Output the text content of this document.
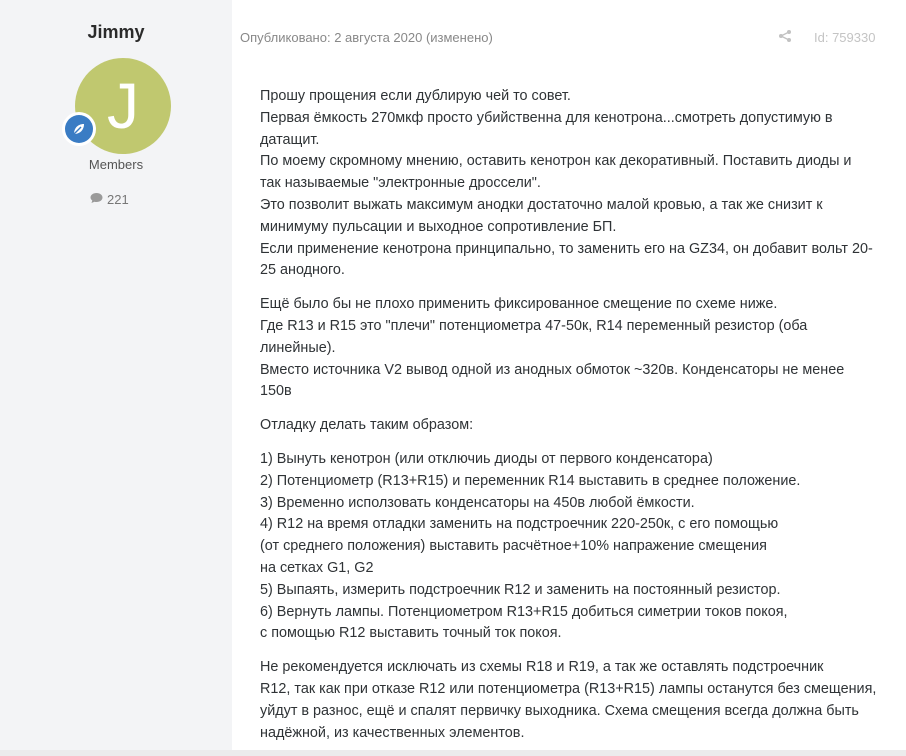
Jimmy
J
Members
221
Опубликовано: 2 августа 2020 (изменено)	Id: 759330

Прошу прощения если дублирую чей то совет.
Первая ёмкость 270мкф просто убийственна для кенотрона...смотреть допустимую в
датащит.
По моему скромному мнению, оставить кенотрон как декоративный. Поставить диоды и
так называемые "электронные дроссели".
Это позволит выжать максимум анодки достаточно малой кровью, а так же снизит к
минимуму пульсации и выходное сопротивление БП.
Если применение кенотрона принципально, то заменить его на GZ34, он добавит вольт 20-
25 анодного.

Ещё было бы не плохо применить фиксированное смещение по схеме ниже.
Где R13 и R15 это "плечи" потенциометра 47-50к, R14 переменный резистор (оба
линейные).
Вместо источника V2 вывод одной из анодных обмоток ~320в. Конденсаторы не менее
150в

Отладку делать таким образом:

1) Вынуть кенотрон (или отключиь диоды от первого конденсатора)
2) Потенциометр (R13+R15) и переменник R14 выставить в среднее положение.
3) Временно исползовать конденсаторы на 450в любой ёмкости.
4) R12 на время отладки заменить на подстроечник 220-250к, с его помощью
(от среднего положения) выставить расчётное+10% напражение смещения
на сетках G1, G2
5) Выпаять, измерить подстроечник R12 и заменить на постоянный резистор.
6) Вернуть лампы. Потенциометром R13+R15 добиться симетрии токов покоя,
с помощью R12 выставить точный ток покоя.

Не рекомендуется исключать из схемы R18 и R19, а так же оставлять подстроечник
R12, так как при отказе R12 или потенциометра (R13+R15) лампы останутся без смещения,
уйдут в разнос, ещё и спалят первичку выходника. Схема смещения всегда должна быть
надёжной, из качественных элементов.
